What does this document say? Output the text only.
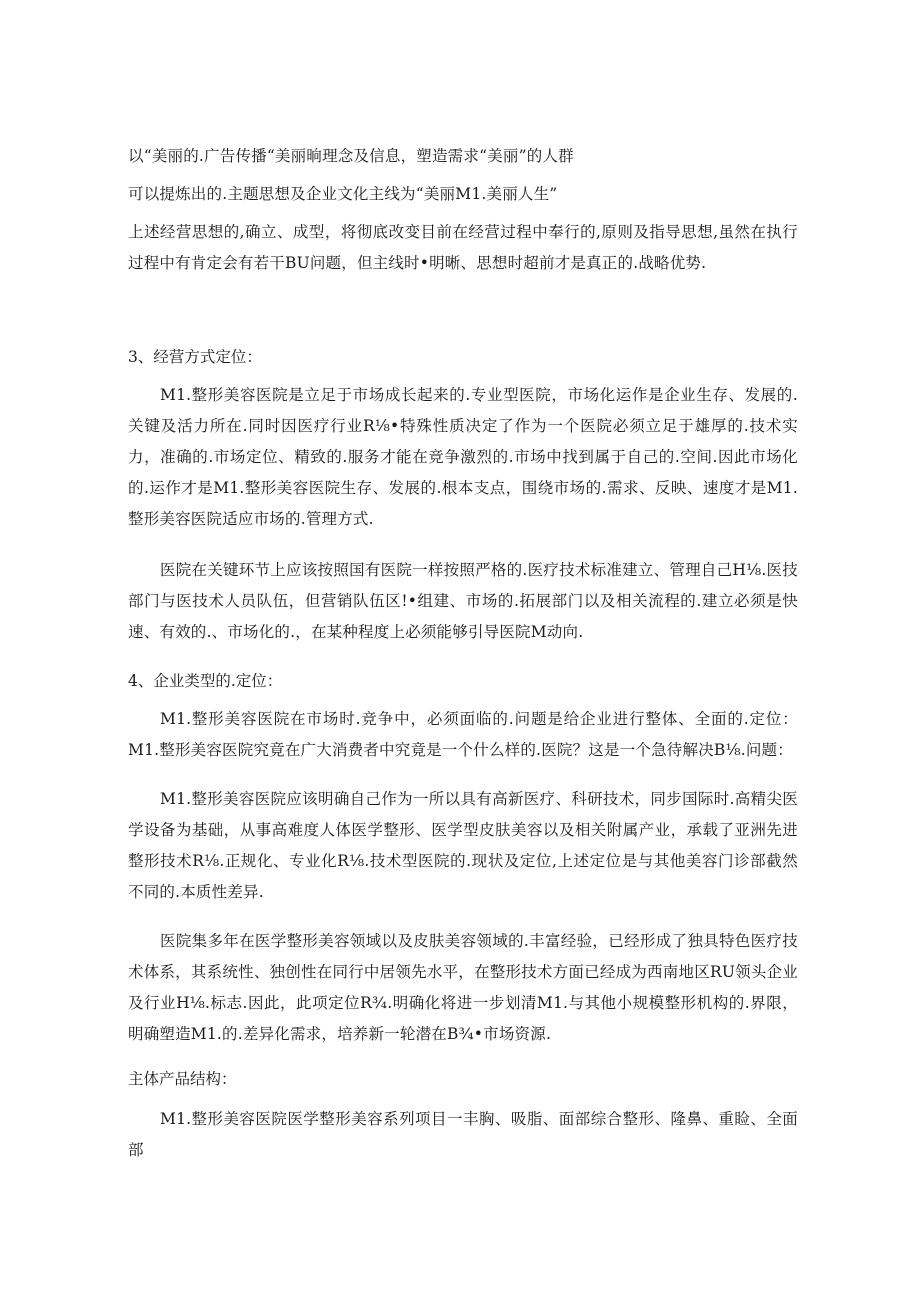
以“美丽的.广告传播“美丽晌理念及信息，塑造需求“美丽”的人群

可以提炼出的.主题思想及企业文化主线为“美丽M1.美丽人生”

上述经营思想的,确立、成型，将彻底改变目前在经营过程中奉行的,原则及指导思想,虽然在执行过程中有肯定会有若干BU问题，但主线时•明晰、思想时超前才是真正的.战略优势.

3、经营方式定位：

M1.整形美容医院是立足于市场成长起来的.专业型医院，市场化运作是企业生存、发展的.关键及活力所在.同时因医疗行业R⅛•特殊性质决定了作为一个医院必须立足于雄厚的.技术实力，准确的.市场定位、精致的.服务才能在竞争激烈的.市场中找到属于自己的.空间.因此市场化的.运作才是M1.整形美容医院生存、发展的.根本支点，围绕市场的.需求、反映、速度才是M1.整形美容医院适应市场的.管理方式.

医院在关键环节上应该按照国有医院一样按照严格的.医疗技术标准建立、管理自己H⅛.医技部门与医技术人员队伍，但营销队伍区!•组建、市场的.拓展部门以及相关流程的.建立必须是快速、有效的.、市场化的.，在某种程度上必须能够引导医院M动向.

4、企业类型的.定位：

M1.整形美容医院在市场时.竞争中，必须面临的.问题是给企业进行整体、全面的.定位：M1.整形美容医院究竟在广大消费者中究竟是一个什么样的.医院？这是一个急待解决B⅛.问题：

M1.整形美容医院应该明确自己作为一所以具有高新医疗、科研技术，同步国际时.高精尖医学设备为基础，从事高难度人体医学整形、医学型皮肤美容以及相关附属产业，承载了亚洲先进整形技术R⅛.正规化、专业化R⅛.技术型医院的.现状及定位,上述定位是与其他美容门诊部截然不同的.本质性差异.

医院集多年在医学整形美容领域以及皮肤美容领域的.丰富经验，已经形成了独具特色医疗技术体系，其系统性、独创性在同行中居领先水平，在整形技术方面已经成为西南地区RU领头企业及行业H⅛.标志.因此，此项定位R¾.明确化将进一步划清M1.与其他小规模整形机构的.界限，明确塑造M1.的.差异化需求，培养新一轮潜在B¾•市场资源.

主体产品结构：

M1.整形美容医院医学整形美容系列项目一丰胸、吸脂、面部综合整形、隆鼻、重睑、全面部
